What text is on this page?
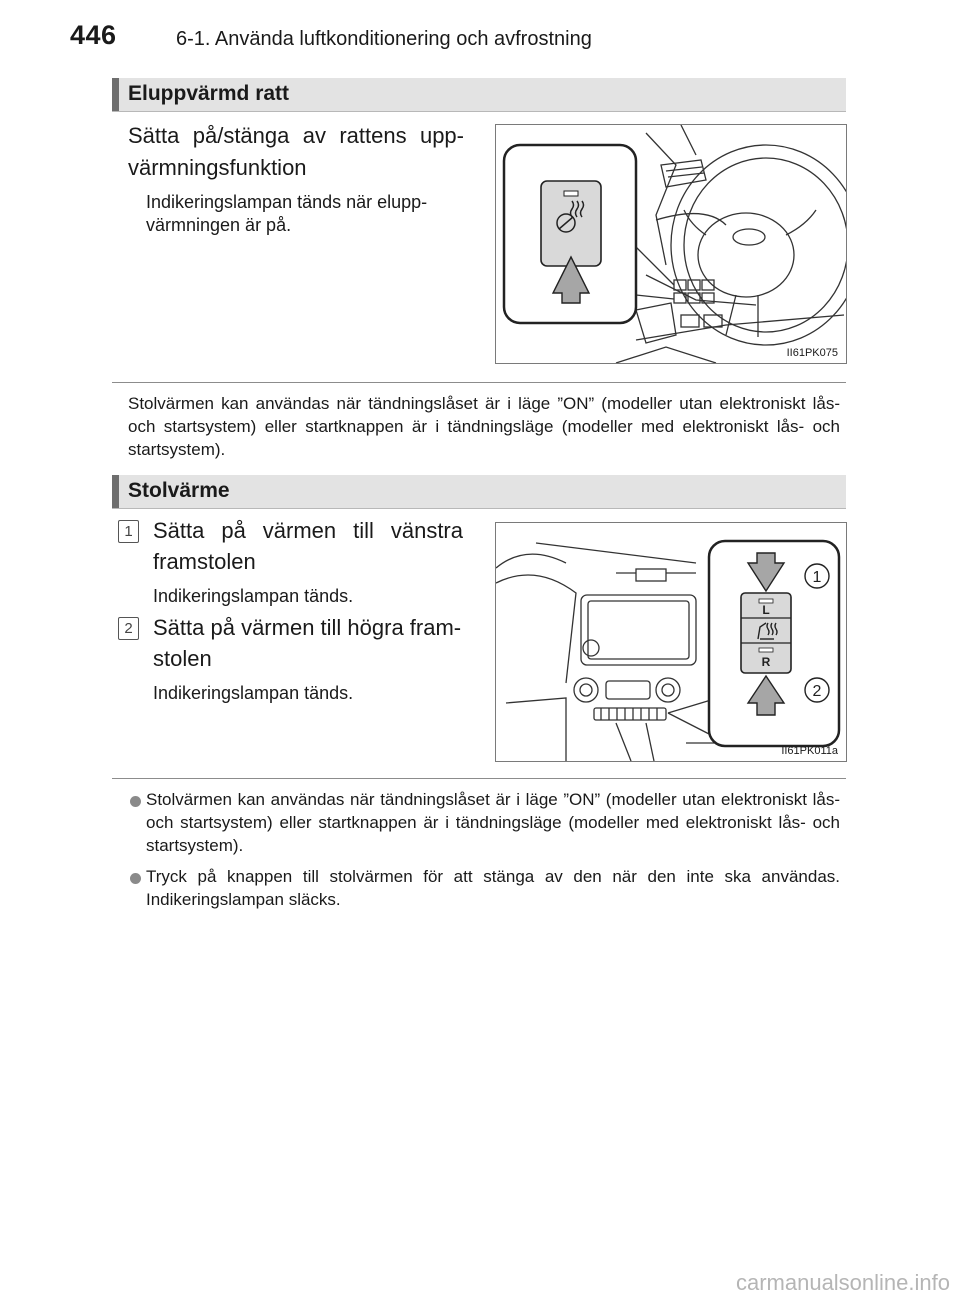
446	6-1. Använda luftkonditionering och avfrostning
Eluppvärmd ratt
Sätta på/stänga av rattens upp-
värmningsfunktion
Indikeringslampan tänds när elupp-
värmningen är på.
II61PK075
Stolvärmen kan användas när tändningslåset är i läge ”ON” (modeller utan elektroniskt lås- och startsystem) eller startknappen är i tändningsläge (modeller med elektroniskt lås- och startsystem).
Stolvärme
1 Sätta på värmen till vänstra
framstolen
Indikeringslampan tänds.
2 Sätta på värmen till högra fram-
stolen
Indikeringslampan tänds.
L
R
1
2
II61PK011a
Stolvärmen kan användas när tändningslåset är i läge ”ON” (modeller utan elektroniskt lås- och startsystem) eller startknappen är i tändningsläge (modeller med elektroniskt lås- och startsystem).
Tryck på knappen till stolvärmen för att stänga av den när den inte ska användas. Indikeringslampan släcks.
carmanualsonline.info
